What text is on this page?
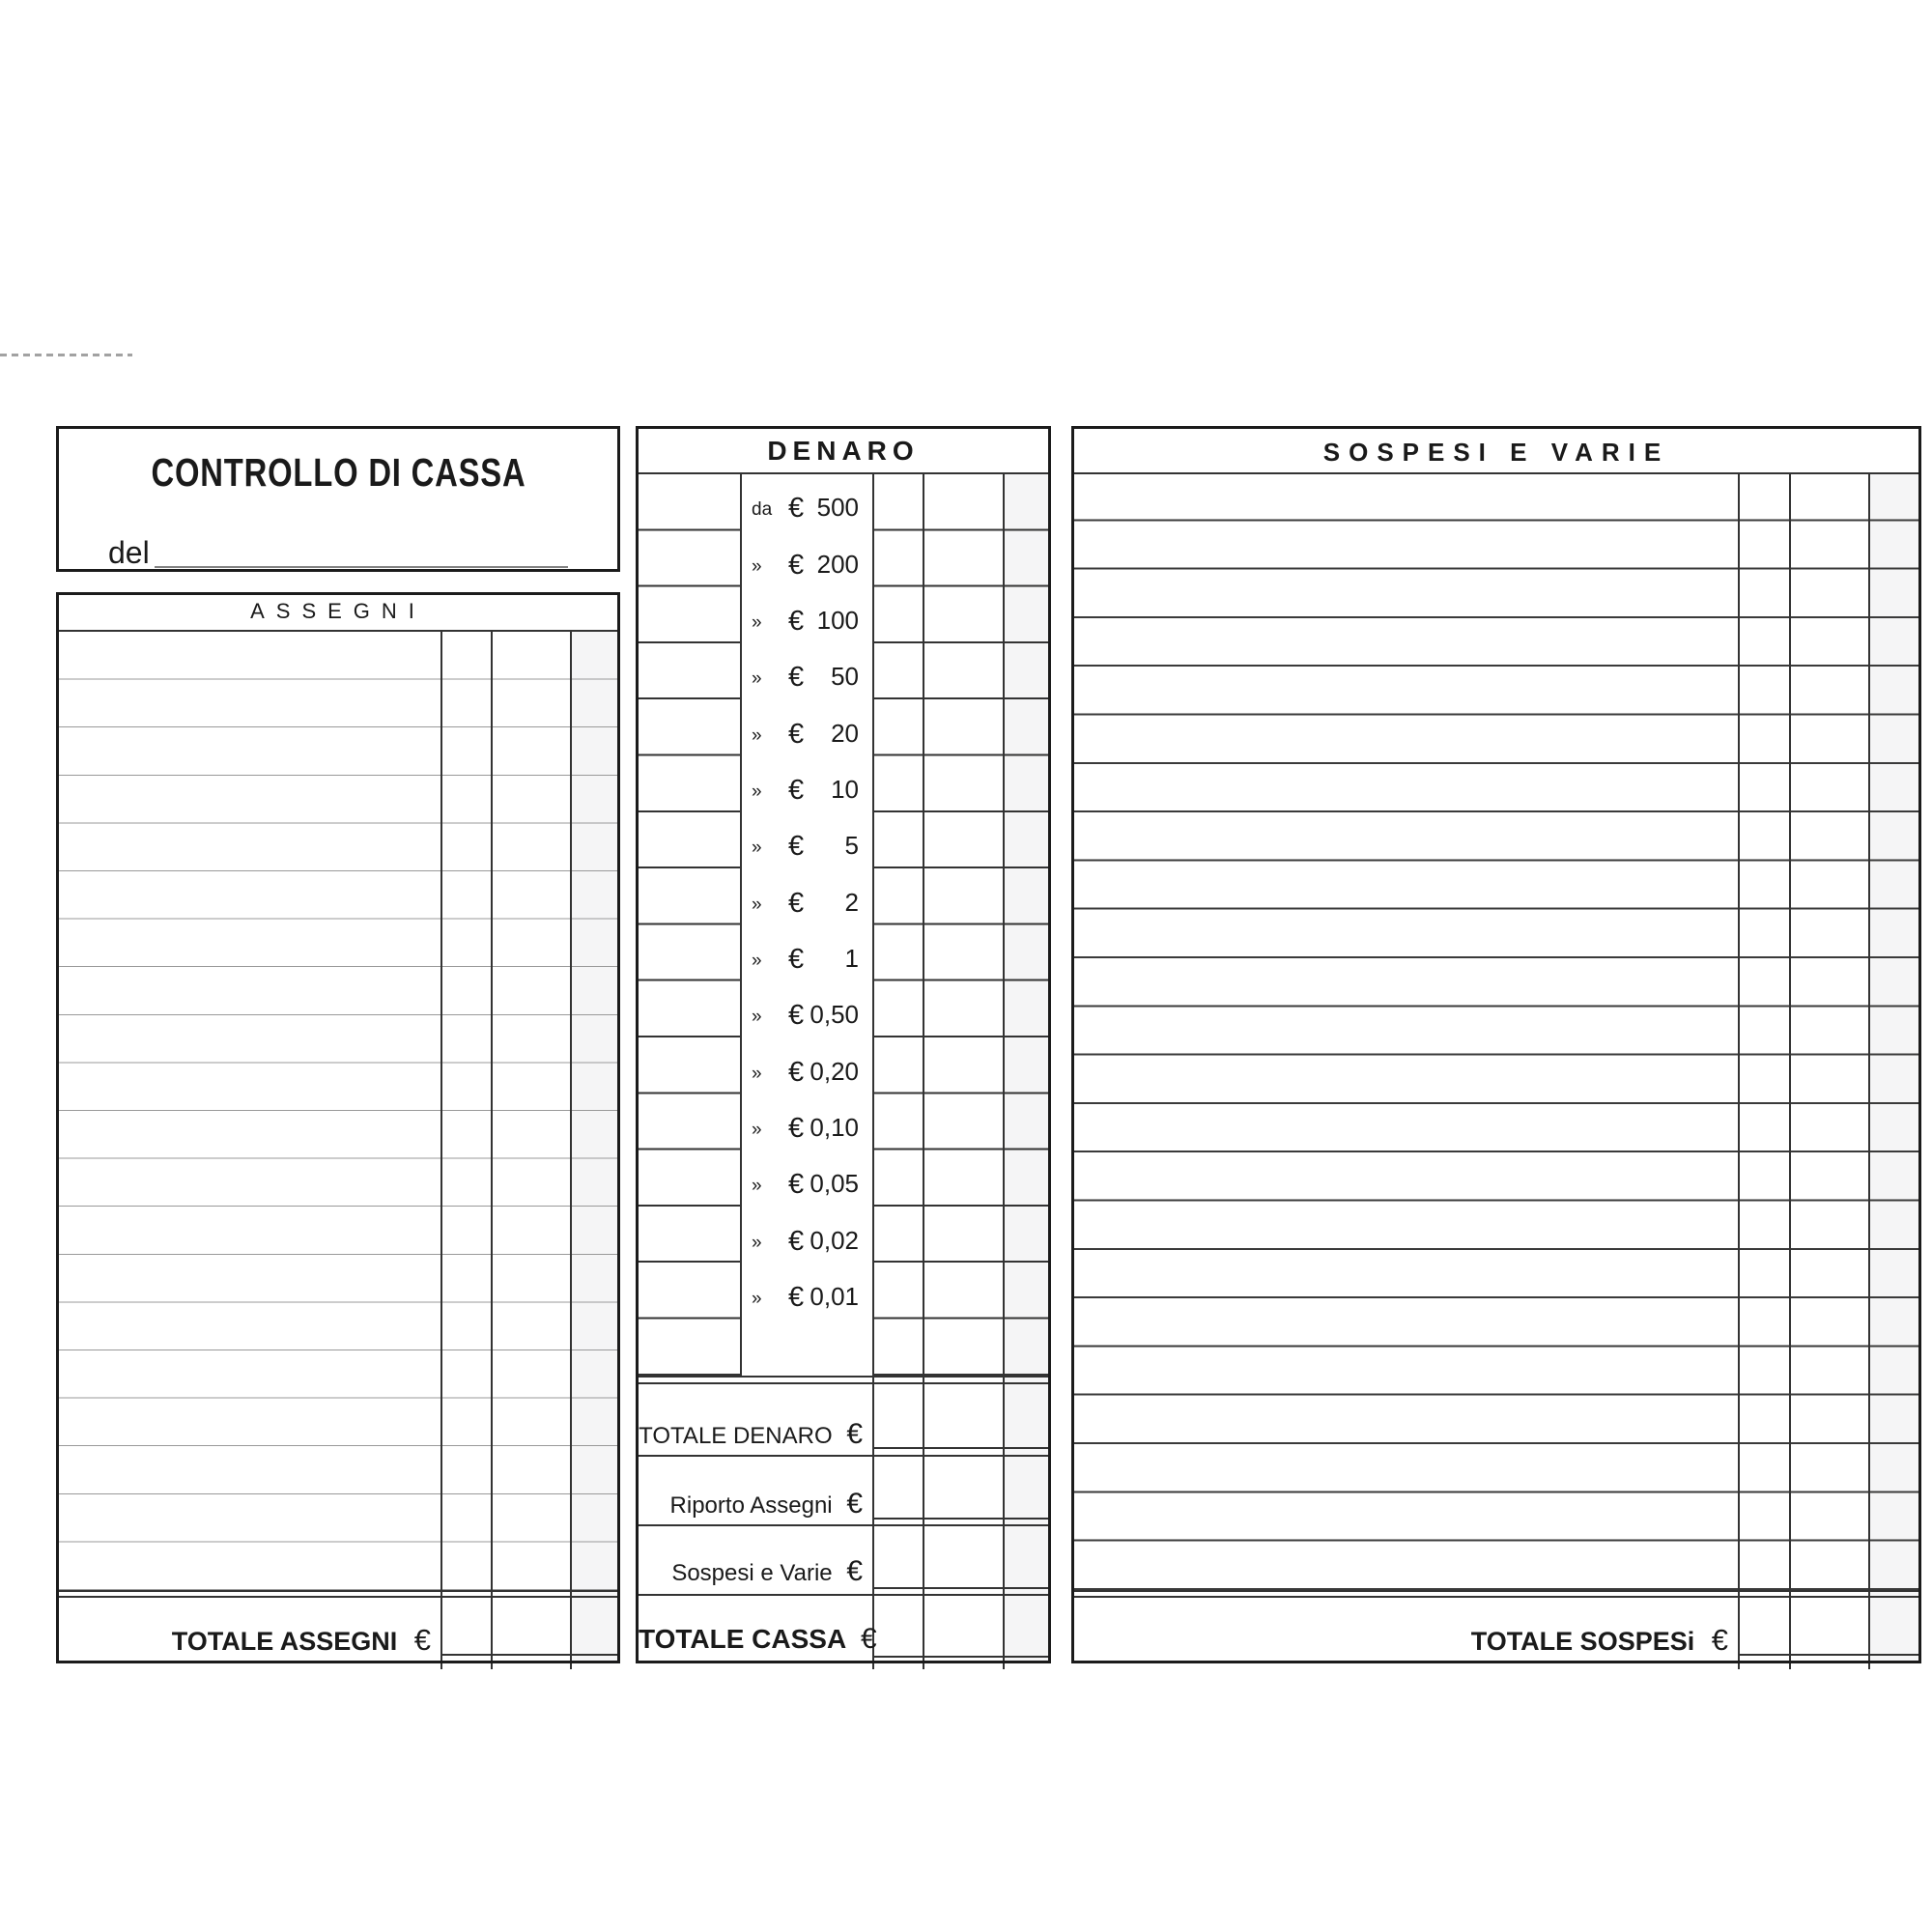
CONTROLLO DI CASSA
del
ASSEGNI
TOTALE ASSEGNI €
DENARO
da € 500
» € 200
» € 100
» € 50
» € 20
» € 10
» € 5
» € 2
» € 1
» € 0,50
» € 0,20
» € 0,10
» € 0,05
» € 0,02
» € 0,01
TOTALE DENARO €
Riporto Assegni €
Sospesi e Varie €
TOTALE CASSA €
SOSPESI E VARIE
TOTALE SOSPESi €
